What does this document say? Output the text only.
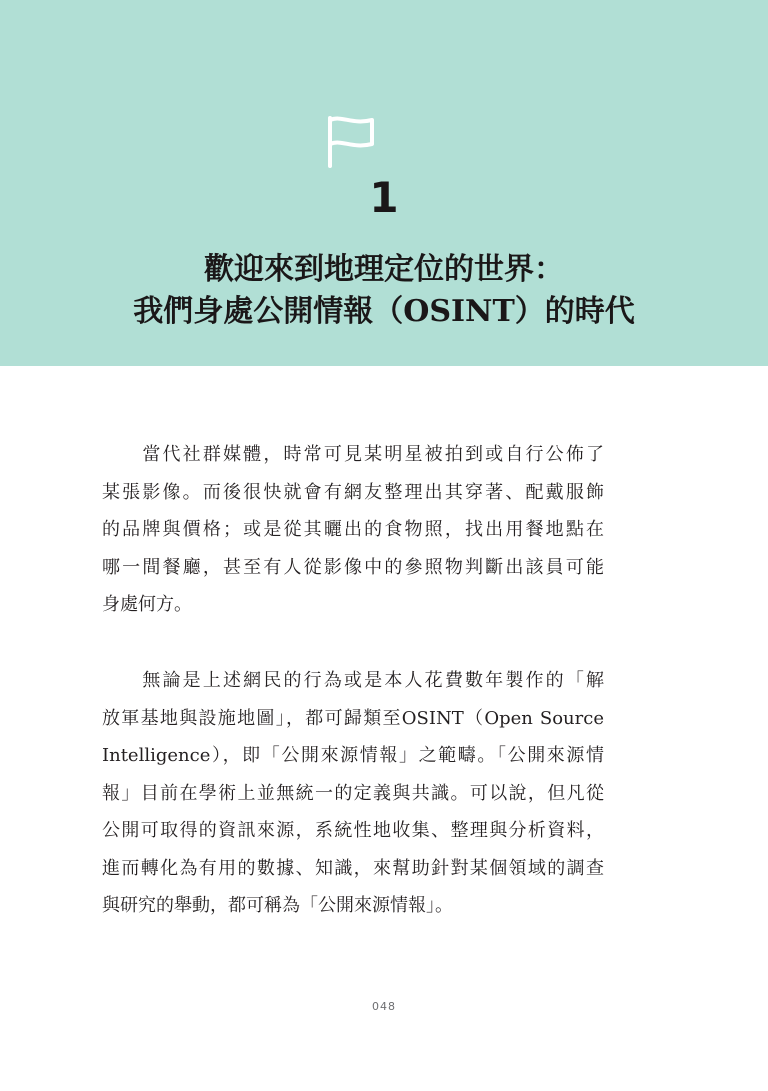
1
歡迎來到地理定位的世界：
我們身處公開情報（OSINT）的時代
　　當代社群媒體，時常可見某明星被拍到或自行公佈了
某張影像。而後很快就會有網友整理出其穿著、配戴服飾
的品牌與價格；或是從其曬出的食物照，找出用餐地點在
哪一間餐廳，甚至有人從影像中的參照物判斷出該員可能
身處何方。
　　無論是上述網民的行為或是本人花費數年製作的「解
放軍基地與設施地圖」，都可歸類至OSINT（Open Source
Intelligence），即「公開來源情報」之範疇。「公開來源情
報」目前在學術上並無統一的定義與共識。可以說，但凡從
公開可取得的資訊來源，系統性地收集、整理與分析資料，
進而轉化為有用的數據、知識，來幫助針對某個領域的調查
與研究的舉動，都可稱為「公開來源情報」。
048
